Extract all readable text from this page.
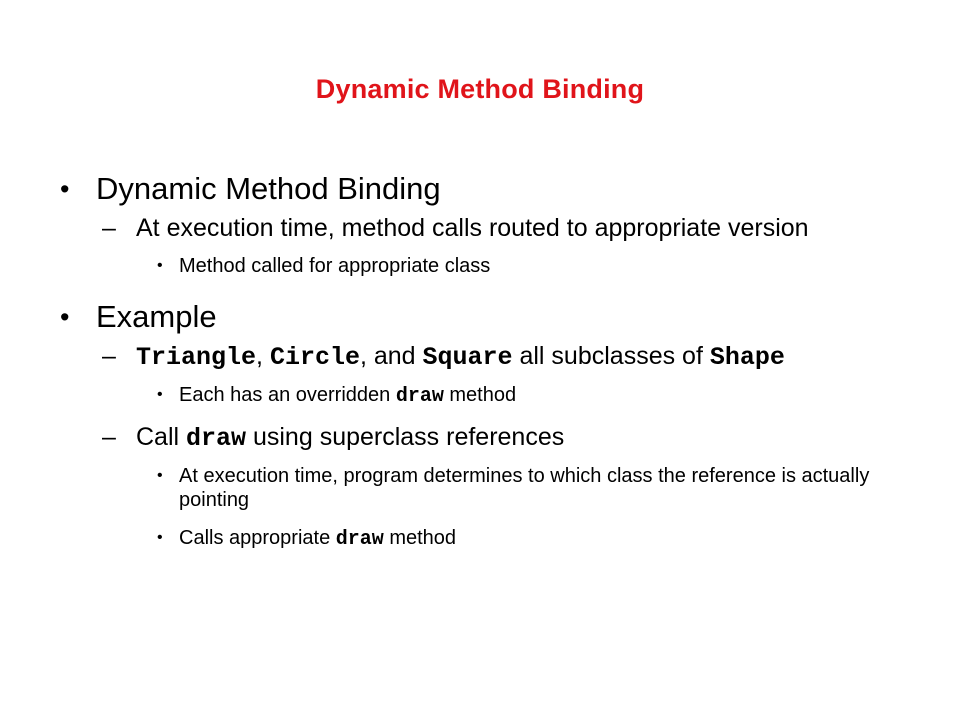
Dynamic Method Binding
• Dynamic Method Binding
– At execution time, method calls routed to appropriate version
• Method called for appropriate class
• Example
– Triangle, Circle, and Square all subclasses of Shape
• Each has an overridden draw method
– Call draw using superclass references
• At execution time, program determines to which class the reference is actually pointing
• Calls appropriate draw method
